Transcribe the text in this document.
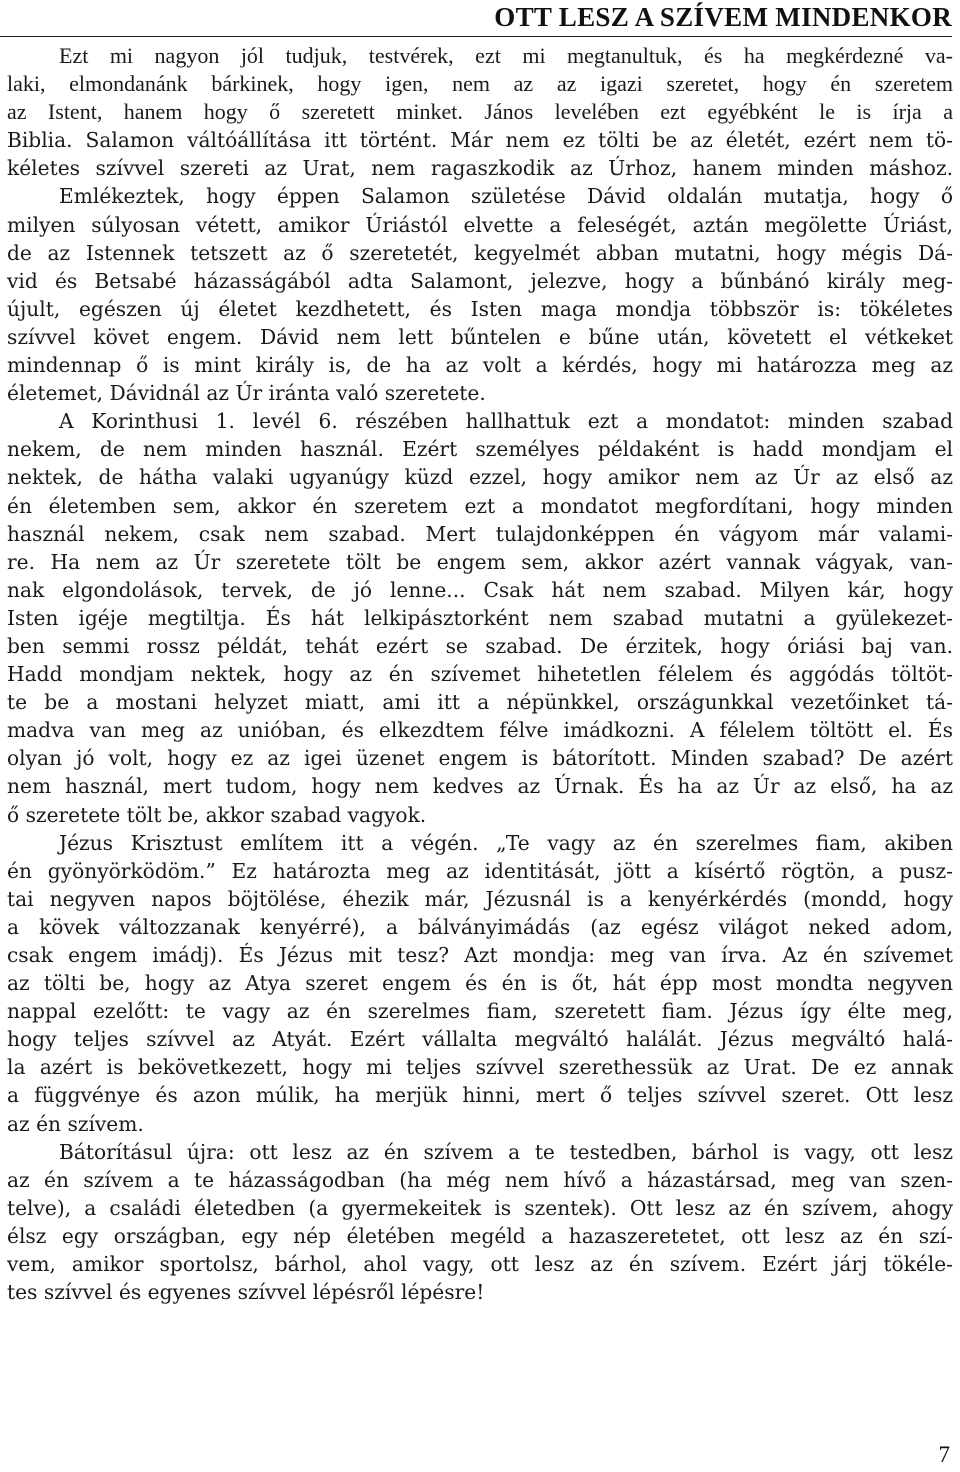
OTT LESZ A SZÍVEM MINDENKOR
Ezt mi nagyon jól tudjuk, testvérek, ezt mi megtanultuk, és ha megkérdezné va-
laki, elmondanánk bárkinek, hogy igen, nem az az igazi szeretet, hogy én szeretem
az Istent, hanem hogy ő szeretett minket. János levelében ezt egyébként le is írja a
Biblia. Salamon váltóállítása itt történt. Már nem ez tölti be az életét, ezért nem tö-
kéletes szívvel szereti az Urat, nem ragaszkodik az Úrhoz, hanem minden máshoz.
Emlékeztek, hogy éppen Salamon születése Dávid oldalán mutatja, hogy ő
milyen súlyosan vétett, amikor Úriástól elvette a feleségét, aztán megölette Úriást,
de az Istennek tetszett az ő szeretetét, kegyelmét abban mutatni, hogy mégis Dá-
vid és Betsabé házasságából adta Salamont, jelezve, hogy a bűnbánó király meg-
újult, egészen új életet kezdhetett, és Isten maga mondja többször is: tökéletes
szívvel követ engem. Dávid nem lett bűntelen e bűne után, követett el vétkeket
mindennap ő is mint király is, de ha az volt a kérdés, hogy mi határozza meg az
életemet, Dávidnál az Úr iránta való szeretete.
A Korinthusi 1. levél 6. részében hallhattuk ezt a mondatot: minden szabad
nekem, de nem minden használ. Ezért személyes példaként is hadd mondjam el
nektek, de hátha valaki ugyanúgy küzd ezzel, hogy amikor nem az Úr az első az
én életemben sem, akkor én szeretem ezt a mondatot megfordítani, hogy minden
használ nekem, csak nem szabad. Mert tulajdonképpen én vágyom már valami-
re. Ha nem az Úr szeretete tölt be engem sem, akkor azért vannak vágyak, van-
nak elgondolások, tervek, de jó lenne... Csak hát nem szabad. Milyen kár, hogy
Isten igéje megtiltja. És hát lelkipásztorként nem szabad mutatni a gyülekezet-
ben semmi rossz példát, tehát ezért se szabad. De érzitek, hogy óriási baj van.
Hadd mondjam nektek, hogy az én szívemet hihetetlen félelem és aggódás töltöt-
te be a mostani helyzet miatt, ami itt a népünkkel, országunkkal vezetőinket tá-
madva van meg az unióban, és elkezdtem félve imádkozni. A félelem töltött el. És
olyan jó volt, hogy ez az igei üzenet engem is bátorított. Minden szabad? De azért
nem használ, mert tudom, hogy nem kedves az Úrnak. És ha az Úr az első, ha az
ő szeretete tölt be, akkor szabad vagyok.
Jézus Krisztust említem itt a végén. „Te vagy az én szerelmes fiam, akiben
én gyönyörködöm.” Ez határozta meg az identitását, jött a kísértő rögtön, a pusz-
tai negyven napos böjtölése, éhezik már, Jézusnál is a kenyérkérdés (mondd, hogy
a kövek változzanak kenyérré), a bálványimádás (az egész világot neked adom,
csak engem imádj). És Jézus mit tesz? Azt mondja: meg van írva. Az én szívemet
az tölti be, hogy az Atya szeret engem és én is őt, hát épp most mondta negyven
nappal ezelőtt: te vagy az én szerelmes fiam, szeretett fiam. Jézus így élte meg,
hogy teljes szívvel az Atyát. Ezért vállalta megváltó halálát. Jézus megváltó halá-
la azért is bekövetkezett, hogy mi teljes szívvel szerethessük az Urat. De ez annak
a függvénye és azon múlik, ha merjük hinni, mert ő teljes szívvel szeret. Ott lesz
az én szívem.
Bátorításul újra: ott lesz az én szívem a te testedben, bárhol is vagy, ott lesz
az én szívem a te házasságodban (ha még nem hívő a házastársad, meg van szen-
telve), a családi életedben (a gyermekeitek is szentek). Ott lesz az én szívem, ahogy
élsz egy országban, egy nép életében megéld a hazaszeretetet, ott lesz az én szí-
vem, amikor sportolsz, bárhol, ahol vagy, ott lesz az én szívem. Ezért járj tökéle-
tes szívvel és egyenes szívvel lépésről lépésre!
7
